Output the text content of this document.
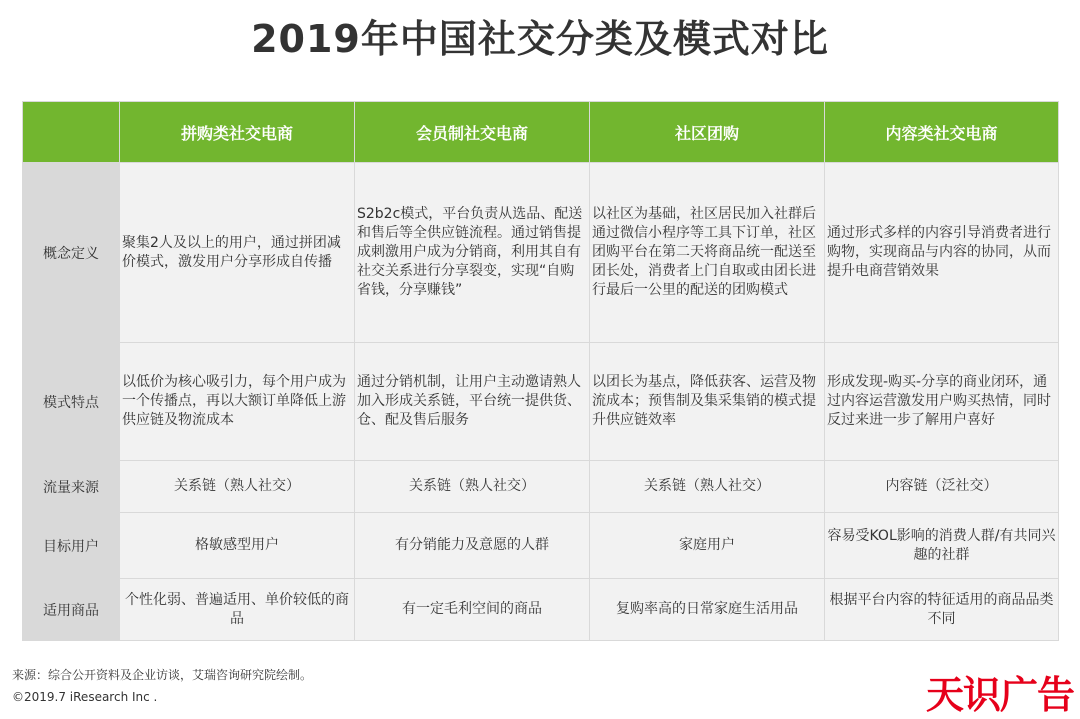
2019年中国社交分类及模式对比
	拼购类社交电商	会员制社交电商	社区团购	内容类社交电商
概念定义	聚集2人及以上的用户，通过拼团减价模式，激发用户分享形成自传播	S2b2c模式，平台负责从选品、配送和售后等全供应链流程。通过销售提成刺激用户成为分销商，利用其自有社交关系进行分享裂变，实现“自购省钱，分享赚钱”	以社区为基础，社区居民加入社群后通过微信小程序等工具下订单，社区团购平台在第二天将商品统一配送至团长处，消费者上门自取或由团长进行最后一公里的配送的团购模式	通过形式多样的内容引导消费者进行购物，实现商品与内容的协同，从而提升电商营销效果
模式特点	以低价为核心吸引力，每个用户成为一个传播点，再以大额订单降低上游供应链及物流成本	通过分销机制，让用户主动邀请熟人加入形成关系链，平台统一提供货、仓、配及售后服务	以团长为基点，降低获客、运营及物流成本；预售制及集采集销的模式提升供应链效率	形成发现-购买-分享的商业闭环，通过内容运营激发用户购买热情，同时反过来进一步了解用户喜好
流量来源	关系链（熟人社交）	关系链（熟人社交）	关系链（熟人社交）	内容链（泛社交）
目标用户	格敏感型用户	有分销能力及意愿的人群	家庭用户	容易受KOL影响的消费人群/有共同兴趣的社群
适用商品	个性化弱、普遍适用、单价较低的商品	有一定毛利空间的商品	复购率高的日常家庭生活用品	根据平台内容的特征适用的商品品类不同
来源：综合公开资料及企业访谈，艾瑞咨询研究院绘制。
©2019.7 iResearch Inc .	天识广告
